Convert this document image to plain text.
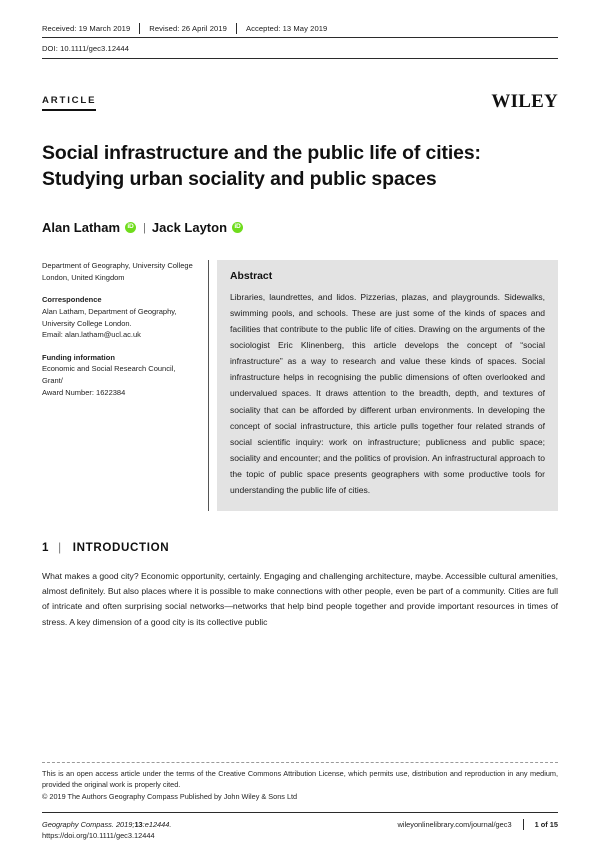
Received: 19 March 2019	Revised: 26 April 2019	Accepted: 13 May 2019
DOI: 10.1111/gec3.12444
ARTICLE	WILEY
Social infrastructure and the public life of cities:
Studying urban sociality and public spaces
Alan Latham	iD | Jack Layton	iD
Department of Geography, University College
London, United Kingdom
Correspondence
Alan Latham, Department of Geography,
University College London.
Email: alan.latham@ucl.ac.uk
Funding information
Economic and Social Research Council, Grant/
Award Number: 1622384
Abstract
Libraries, laundrettes, and lidos. Pizzerias, plazas, and playgrounds. Sidewalks, swimming pools, and schools. These are just some of the kinds of spaces and facilities that contribute to the public life of cities. Drawing on the arguments of the sociologist Eric Klinenberg, this article develops the concept of “social infrastructure” as a way to research and value these kinds of spaces. Social infrastructure helps in recognising the public dimensions of often overlooked and undervalued spaces. It draws attention to the breadth, depth, and textures of sociality that can be afforded by different urban environments. In developing the concept of social infrastructure, this article pulls together four related strands of social scientific inquiry: work on infrastructure; publicness and public space; sociality and encounter; and the politics of provision. An infrastructural approach to the topic of public space presents geographers with some productive tools for understanding the public life of cities.
1 | INTRODUCTION
What makes a good city? Economic opportunity, certainly. Engaging and challenging architecture, maybe. Accessible cultural amenities, almost definitely. But also places where it is possible to make connections with other people, even be part of a community. Cities are full of intricate and often surprising social networks—networks that help bind people together and provide important resources in times of stress. A key dimension of a good city is its collective public
This is an open access article under the terms of the Creative Commons Attribution License, which permits use, distribution and reproduction in any medium, provided the original work is properly cited.
© 2019 The Authors Geography Compass Published by John Wiley & Sons Ltd
Geography Compass. 2019;13:e12444.
https://doi.org/10.1111/gec3.12444
wileyonlinelibrary.com/journal/gec3	1 of 15
